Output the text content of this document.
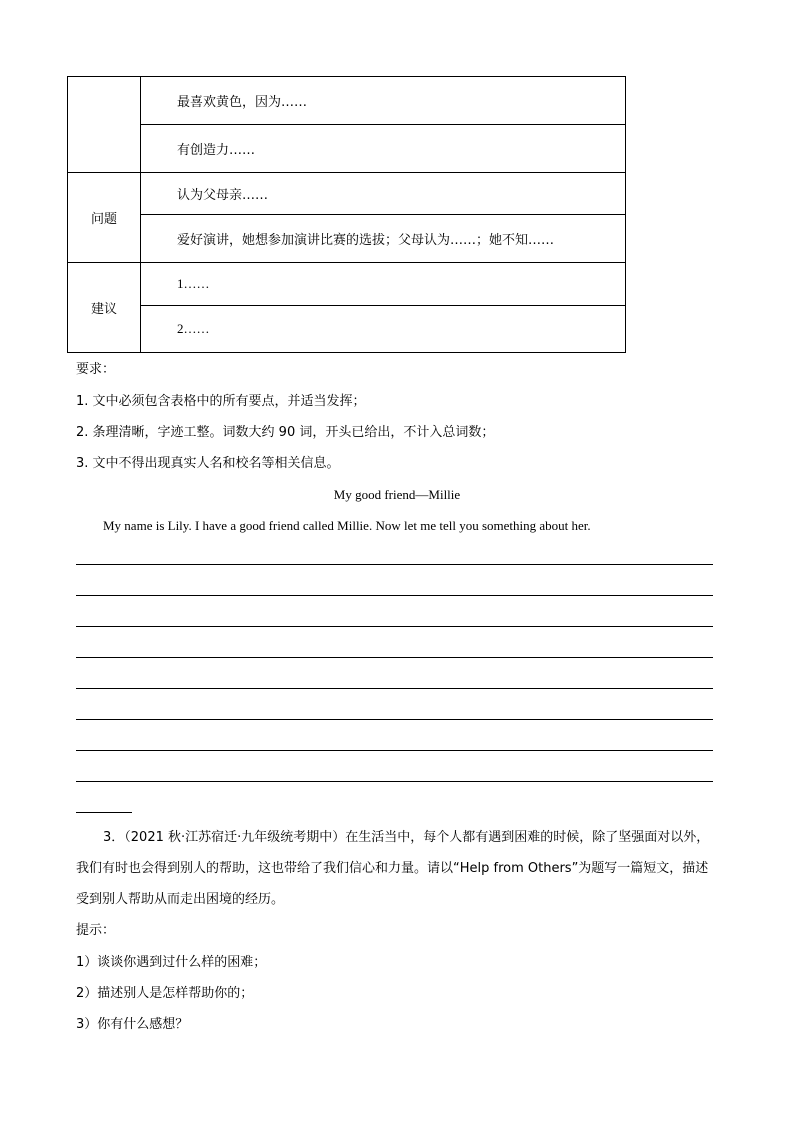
	最喜欢黄色，因为……
	有创造力……
问题	认为父母亲……
	爱好演讲，她想参加演讲比赛的选拔；父母认为……；她不知……
建议	1……
	2……
要求：
1. 文中必须包含表格中的所有要点，并适当发挥；
2. 条理清晰，字迹工整。词数大约 90 词，开头已给出，不计入总词数；
3. 文中不得出现真实人名和校名等相关信息。
My good friend—Millie
My name is Lily. I have a good friend called Millie. Now let me tell you something about her.
3．（2021 秋·江苏宿迁·九年级统考期中）在生活当中，每个人都有遇到困难的时候，除了坚强面对以外，我们有时也会得到别人的帮助，这也带给了我们信心和力量。请以“Help from Others”为题写一篇短文，描述受到别人帮助从而走出困境的经历。
提示：
1）谈谈你遇到过什么样的困难；
2）描述别人是怎样帮助你的；
3）你有什么感想？
